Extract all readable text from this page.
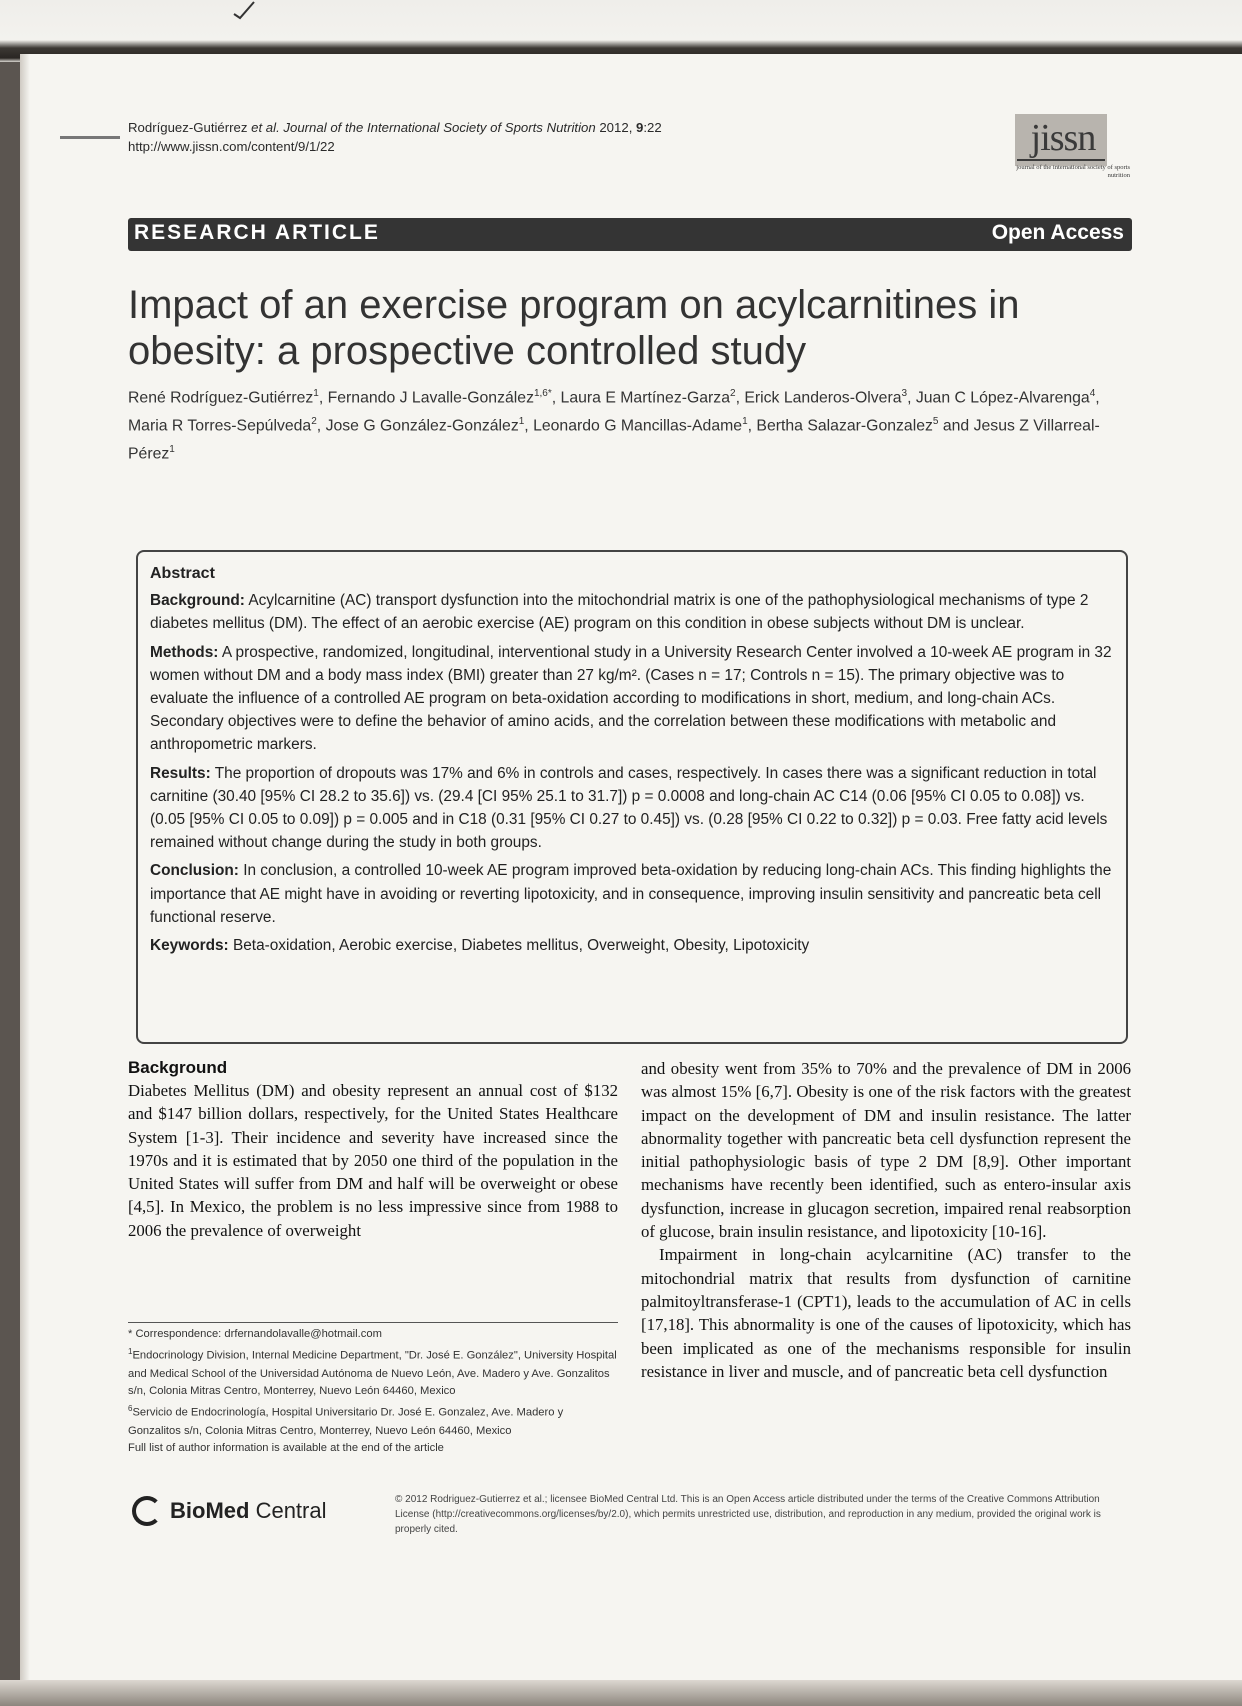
Rodríguez-Gutiérrez et al. Journal of the International Society of Sports Nutrition 2012, 9:22
http://www.jissn.com/content/9/1/22	jissn
journal of the international society of sports nutrition
RESEARCH ARTICLE	Open Access
Impact of an exercise program on acylcarnitines in obesity: a prospective controlled study
René Rodríguez-Gutiérrez$^1$, Fernando J Lavalle-González$^{1,6*}$, Laura E Martínez-Garza$^2$, Erick Landeros-Olvera$^3$, Juan C López-Alvarenga$^4$, Maria R Torres-Sepúlveda$^2$, Jose G González-González$^1$, Leonardo G Mancillas-Adame$^1$, Bertha Salazar-Gonzalez$^5$ and Jesus Z Villarreal-Pérez$^1$
Abstract

Background: Acylcarnitine (AC) transport dysfunction into the mitochondrial matrix is one of the pathophysiological mechanisms of type 2 diabetes mellitus (DM). The effect of an aerobic exercise (AE) program on this condition in obese subjects without DM is unclear.

Methods: A prospective, randomized, longitudinal, interventional study in a University Research Center involved a 10-week AE program in 32 women without DM and a body mass index (BMI) greater than 27 kg/m². (Cases n = 17; Controls n = 15). The primary objective was to evaluate the influence of a controlled AE program on beta-oxidation according to modifications in short, medium, and long-chain ACs. Secondary objectives were to define the behavior of amino acids, and the correlation between these modifications with metabolic and anthropometric markers.

Results: The proportion of dropouts was 17% and 6% in controls and cases, respectively. In cases there was a significant reduction in total carnitine (30.40 [95% CI 28.2 to 35.6]) vs. (29.4 [CI 95% 25.1 to 31.7]) p = 0.0008 and long-chain AC C14 (0.06 [95% CI 0.05 to 0.08]) vs. (0.05 [95% CI 0.05 to 0.09]) p = 0.005 and in C18 (0.31 [95% CI 0.27 to 0.45]) vs. (0.28 [95% CI 0.22 to 0.32]) p = 0.03. Free fatty acid levels remained without change during the study in both groups.

Conclusion: In conclusion, a controlled 10-week AE program improved beta-oxidation by reducing long-chain ACs. This finding highlights the importance that AE might have in avoiding or reverting lipotoxicity, and in consequence, improving insulin sensitivity and pancreatic beta cell functional reserve.

Keywords: Beta-oxidation, Aerobic exercise, Diabetes mellitus, Overweight, Obesity, Lipotoxicity

Background

Diabetes Mellitus (DM) and obesity represent an annual cost of $132 and $147 billion dollars, respectively, for the United States Healthcare System [1-3]. Their incidence and severity have increased since the 1970s and it is estimated that by 2050 one third of the population in the United States will suffer from DM and half will be overweight or obese [4,5]. In Mexico, the problem is no less impressive since from 1988 to 2006 the prevalence of overweight

and obesity went from 35% to 70% and the prevalence of DM in 2006 was almost 15% [6,7]. Obesity is one of the risk factors with the greatest impact on the development of DM and insulin resistance. The latter abnormality together with pancreatic beta cell dysfunction represent the initial pathophysiologic basis of type 2 DM [8,9]. Other important mechanisms have recently been identified, such as entero-insular axis dysfunction, increase in glucagon secretion, impaired renal reabsorption of glucose, brain insulin resistance, and lipotoxicity [10-16].

Impairment in long-chain acylcarnitine (AC) transfer to the mitochondrial matrix that results from dysfunction of carnitine palmitoyltransferase-1 (CPT1), leads to the accumulation of AC in cells [17,18]. This abnormality is one of the causes of lipotoxicity, which has been implicated as one of the mechanisms responsible for insulin resistance in liver and muscle, and of pancreatic beta cell dysfunction

* Correspondence: drfernandolavalle@hotmail.com

$^1$Endocrinology Division, Internal Medicine Department, "Dr. José E. González", University Hospital and Medical School of the Universidad Autónoma de Nuevo León, Ave. Madero y Ave. Gonzalitos s/n, Colonia Mitras Centro, Monterrey, Nuevo León 64460, Mexico

$^6$Servicio de Endocrinología, Hospital Universitario Dr. José E. Gonzalez, Ave. Madero y Gonzalitos s/n, Colonia Mitras Centro, Monterrey, Nuevo León 64460, Mexico

Full list of author information is available at the end of the article

BioMed Central	© 2012 Rodriguez-Gutierrez et al.; licensee BioMed Central Ltd. This is an Open Access article distributed under the terms of the Creative Commons Attribution License (http://creativecommons.org/licenses/by/2.0), which permits unrestricted use, distribution, and reproduction in any medium, provided the original work is properly cited.
